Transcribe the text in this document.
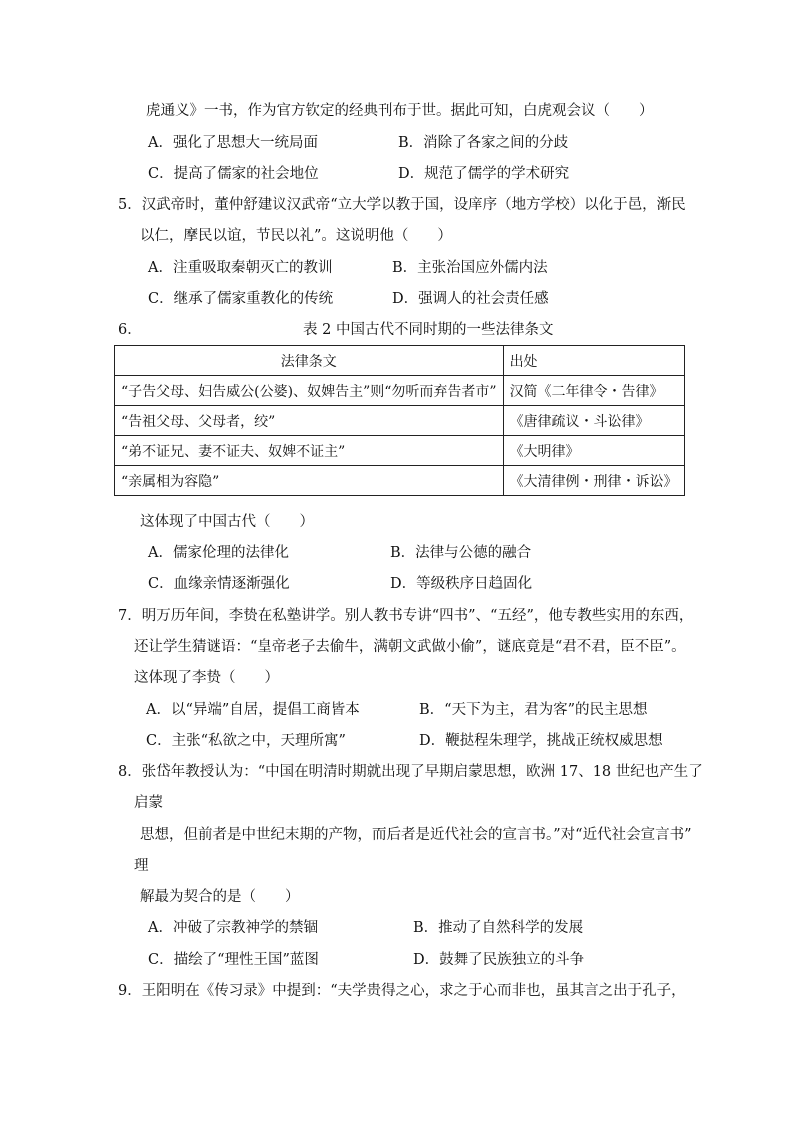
虎通义》一书，作为官方钦定的经典刊布于世。据此可知，白虎观会议（　　）
A．强化了思想大一统局面	B．消除了各家之间的分歧
C．提高了儒家的社会地位	D．规范了儒学的学术研究
5．汉武帝时，董仲舒建议汉武帝“立大学以教于国，设庠序（地方学校）以化于邑，渐民
以仁，摩民以谊，节民以礼”。这说明他（　　）
A．注重吸取秦朝灭亡的教训	B．主张治国应外儒内法
C．继承了儒家重教化的传统	D．强调人的社会责任感
6．	表 2 中国古代不同时期的一些法律条文
法律条文	出处
“子告父母、妇告威公(公婆)、奴婢告主”则“勿听而弃告者市”	汉简《二年律令・告律》
“告祖父母、父母者，绞”	《唐律疏议・斗讼律》
“弟不证兄、妻不证夫、奴婢不证主”	《大明律》
“亲属相为容隐”	《大清律例・刑律・诉讼》
这体现了中国古代（　　）
A．儒家伦理的法律化	B．法律与公德的融合
C．血缘亲情逐渐强化	D．等级秩序日趋固化
7．明万历年间，李贽在私塾讲学。别人教书专讲“四书”、“五经”，他专教些实用的东西，
还让学生猜谜语：“皇帝老子去偷牛，满朝文武做小偷”，谜底竟是“君不君，臣不臣”。
这体现了李贽（　　）
A．以“异端”自居，提倡工商皆本	B．“天下为主，君为客”的民主思想
C．主张“私欲之中，天理所寓”	D．鞭挞程朱理学，挑战正统权威思想
8．张岱年教授认为：“中国在明清时期就出现了早期启蒙思想，欧洲 17、18 世纪也产生了
启蒙
思想，但前者是中世纪末期的产物，而后者是近代社会的宣言书。”对“近代社会宣言书”
理
解最为契合的是（　　）
A．冲破了宗教神学的禁锢	B．推动了自然科学的发展
C．描绘了“理性王国”蓝图	D．鼓舞了民族独立的斗争
9．王阳明在《传习录》中提到：“夫学贵得之心，求之于心而非也，虽其言之出于孔子，
